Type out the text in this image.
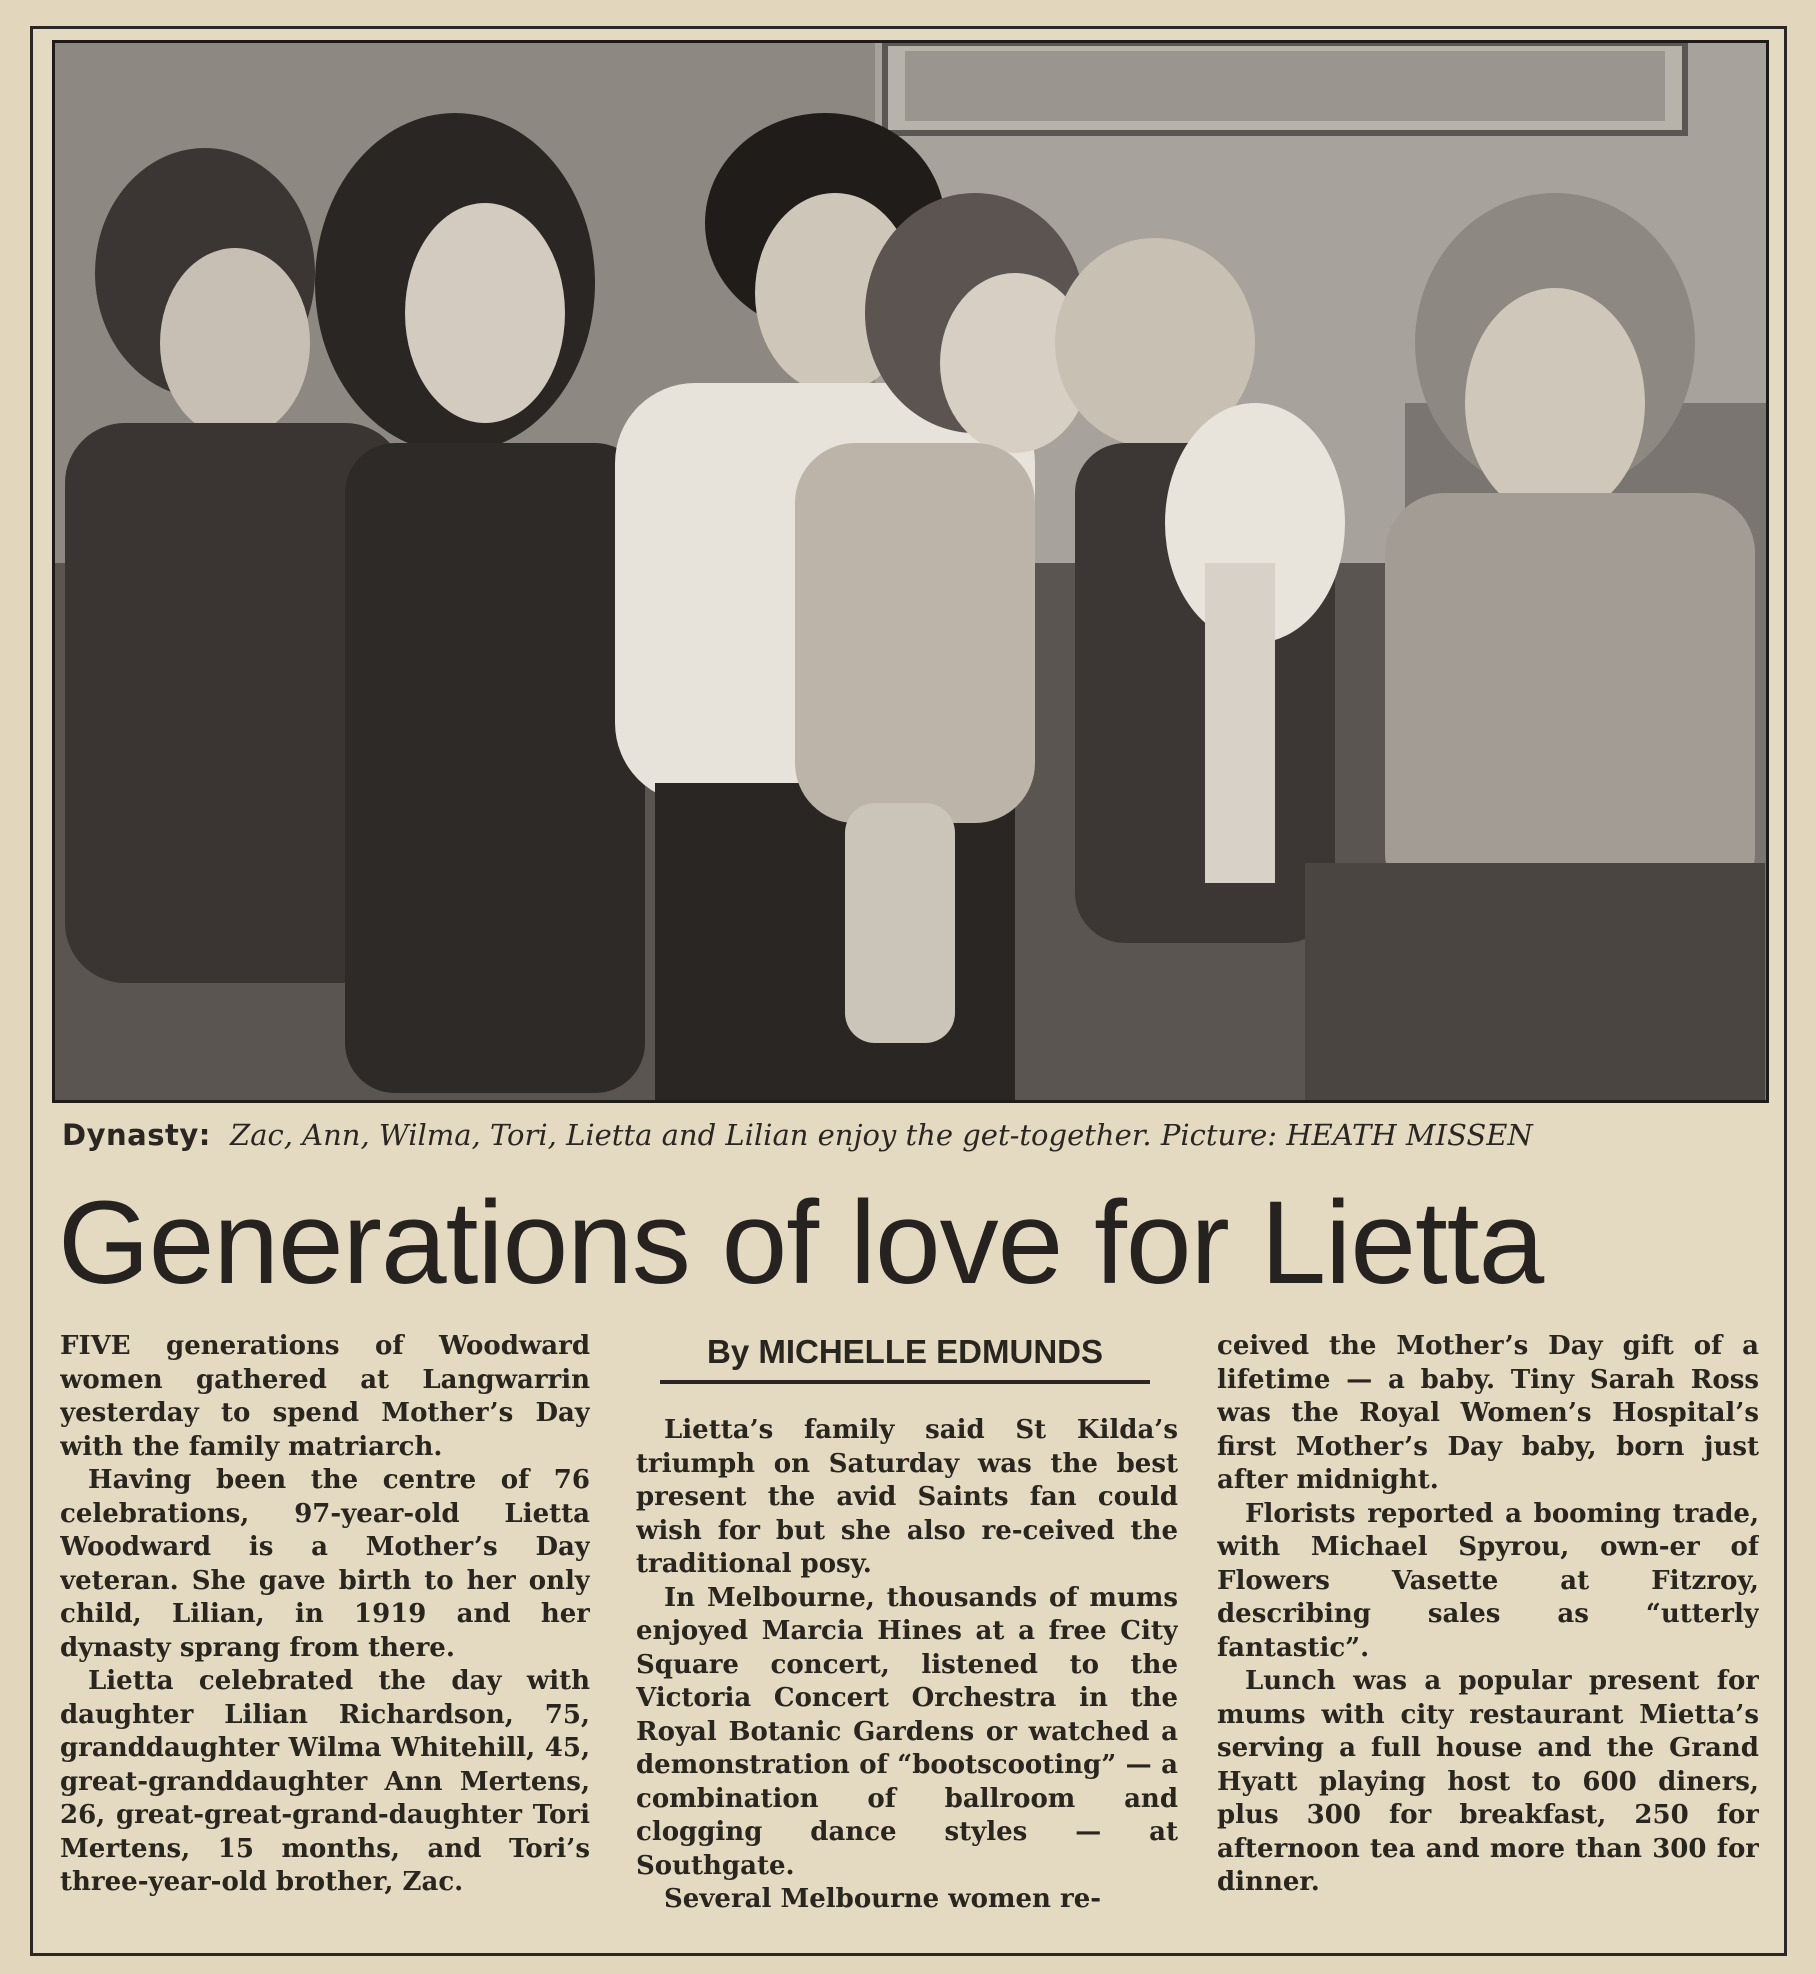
Dynasty: Zac, Ann, Wilma, Tori, Lietta and Lilian enjoy the get-together. Picture: HEATH MISSEN
Generations of love for Lietta

FIVE generations of Woodward women gathered at Langwarrin yesterday to spend Mother’s Day with the family matriarch.

Having been the centre of 76 celebrations, 97-year-old Lietta Woodward is a Mother’s Day veteran. She gave birth to her only child, Lilian, in 1919 and her dynasty sprang from there.

Lietta celebrated the day with daughter Lilian Richardson, 75, granddaughter Wilma Whitehill, 45, great-granddaughter Ann Mertens, 26, great-great-grand-daughter Tori Mertens, 15 months, and Tori’s three-year-old brother, Zac.

By MICHELLE EDMUNDS

Lietta’s family said St Kilda’s triumph on Saturday was the best present the avid Saints fan could wish for but she also re-ceived the traditional posy.

In Melbourne, thousands of mums enjoyed Marcia Hines at a free City Square concert, listened to the Victoria Concert Orchestra in the Royal Botanic Gardens or watched a demonstration of “bootscooting” — a combination of ballroom and clogging dance styles — at Southgate.

Several Melbourne women re-

ceived the Mother’s Day gift of a lifetime — a baby. Tiny Sarah Ross was the Royal Women’s Hospital’s first Mother’s Day baby, born just after midnight.

Florists reported a booming trade, with Michael Spyrou, own-er of Flowers Vasette at Fitzroy, describing sales as “utterly fantastic”.

Lunch was a popular present for mums with city restaurant Mietta’s serving a full house and the Grand Hyatt playing host to 600 diners, plus 300 for breakfast, 250 for afternoon tea and more than 300 for dinner.
